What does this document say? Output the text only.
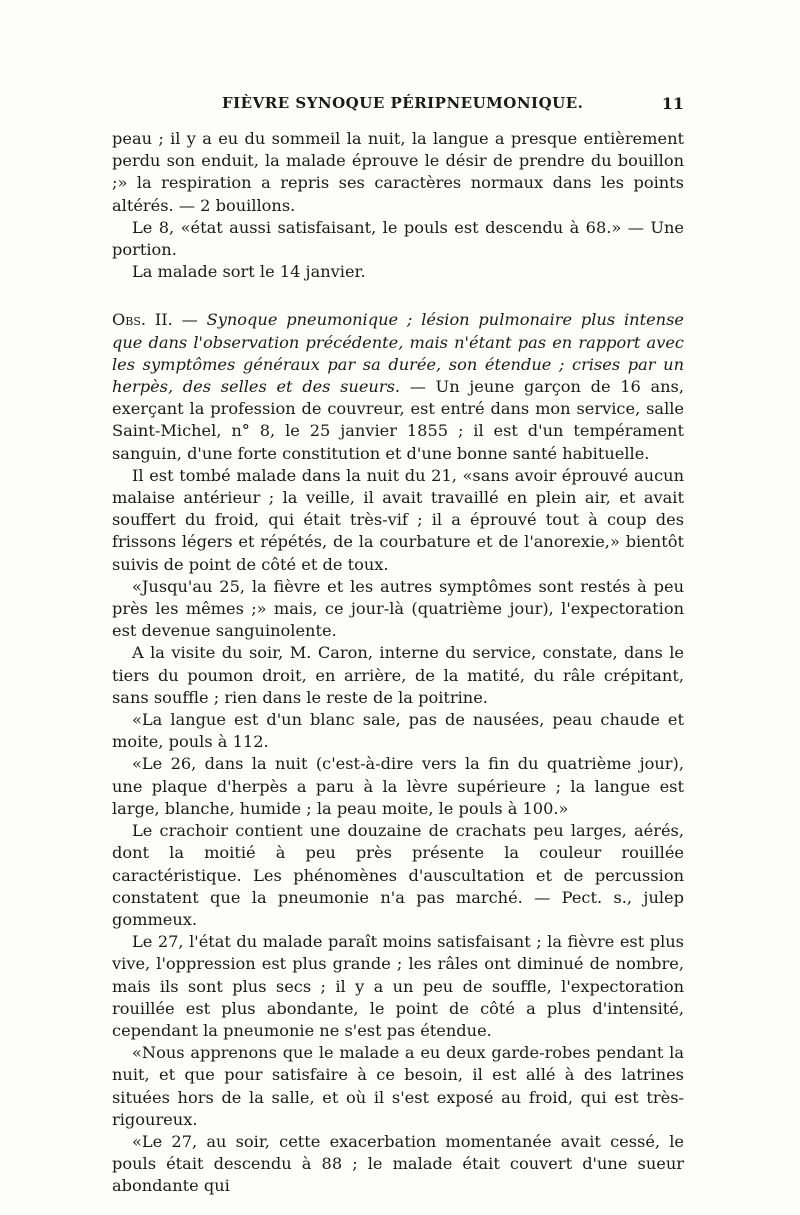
FIÈVRE SYNOQUE PÉRIPNEUMONIQUE.	11

peau ; il y a eu du sommeil la nuit, la langue a presque entièrement perdu son enduit, la malade éprouve le désir de prendre du bouillon ;» la respiration a repris ses caractères normaux dans les points altérés. — 2 bouillons.

Le 8, «état aussi satisfaisant, le pouls est descendu à 68.» — Une portion.

La malade sort le 14 janvier.

Obs. II. — Synoque pneumonique ; lésion pulmonaire plus intense que dans l'observation précédente, mais n'étant pas en rapport avec les symptômes généraux par sa durée, son étendue ; crises par un herpès, des selles et des sueurs. — Un jeune garçon de 16 ans, exerçant la profession de couvreur, est entré dans mon service, salle Saint-Michel, n° 8, le 25 janvier 1855 ; il est d'un tempérament sanguin, d'une forte constitution et d'une bonne santé habituelle.

Il est tombé malade dans la nuit du 21, «sans avoir éprouvé aucun malaise antérieur ; la veille, il avait travaillé en plein air, et avait souffert du froid, qui était très-vif ; il a éprouvé tout à coup des frissons légers et répétés, de la courbature et de l'anorexie,» bientôt suivis de point de côté et de toux.

«Jusqu'au 25, la fièvre et les autres symptômes sont restés à peu près les mêmes ;» mais, ce jour-là (quatrième jour), l'expectoration est devenue sanguinolente.

A la visite du soir, M. Caron, interne du service, constate, dans le tiers du poumon droit, en arrière, de la matité, du râle crépitant, sans souffle ; rien dans le reste de la poitrine.

«La langue est d'un blanc sale, pas de nausées, peau chaude et moite, pouls à 112.

«Le 26, dans la nuit (c'est-à-dire vers la fin du quatrième jour), une plaque d'herpès a paru à la lèvre supérieure ; la langue est large, blanche, humide ; la peau moite, le pouls à 100.»

Le crachoir contient une douzaine de crachats peu larges, aérés, dont la moitié à peu près présente la couleur rouillée caractéristique. Les phénomènes d'auscultation et de percussion constatent que la pneumonie n'a pas marché. — Pect. s., julep gommeux.

Le 27, l'état du malade paraît moins satisfaisant ; la fièvre est plus vive, l'oppression est plus grande ; les râles ont diminué de nombre, mais ils sont plus secs ; il y a un peu de souffle, l'expectoration rouillée est plus abondante, le point de côté a plus d'intensité, cependant la pneumonie ne s'est pas étendue.

«Nous apprenons que le malade a eu deux garde-robes pendant la nuit, et que pour satisfaire à ce besoin, il est allé à des latrines situées hors de la salle, et où il s'est exposé au froid, qui est très-rigoureux.

«Le 27, au soir, cette exacerbation momentanée avait cessé, le pouls était descendu à 88 ; le malade était couvert d'une sueur abondante qui
